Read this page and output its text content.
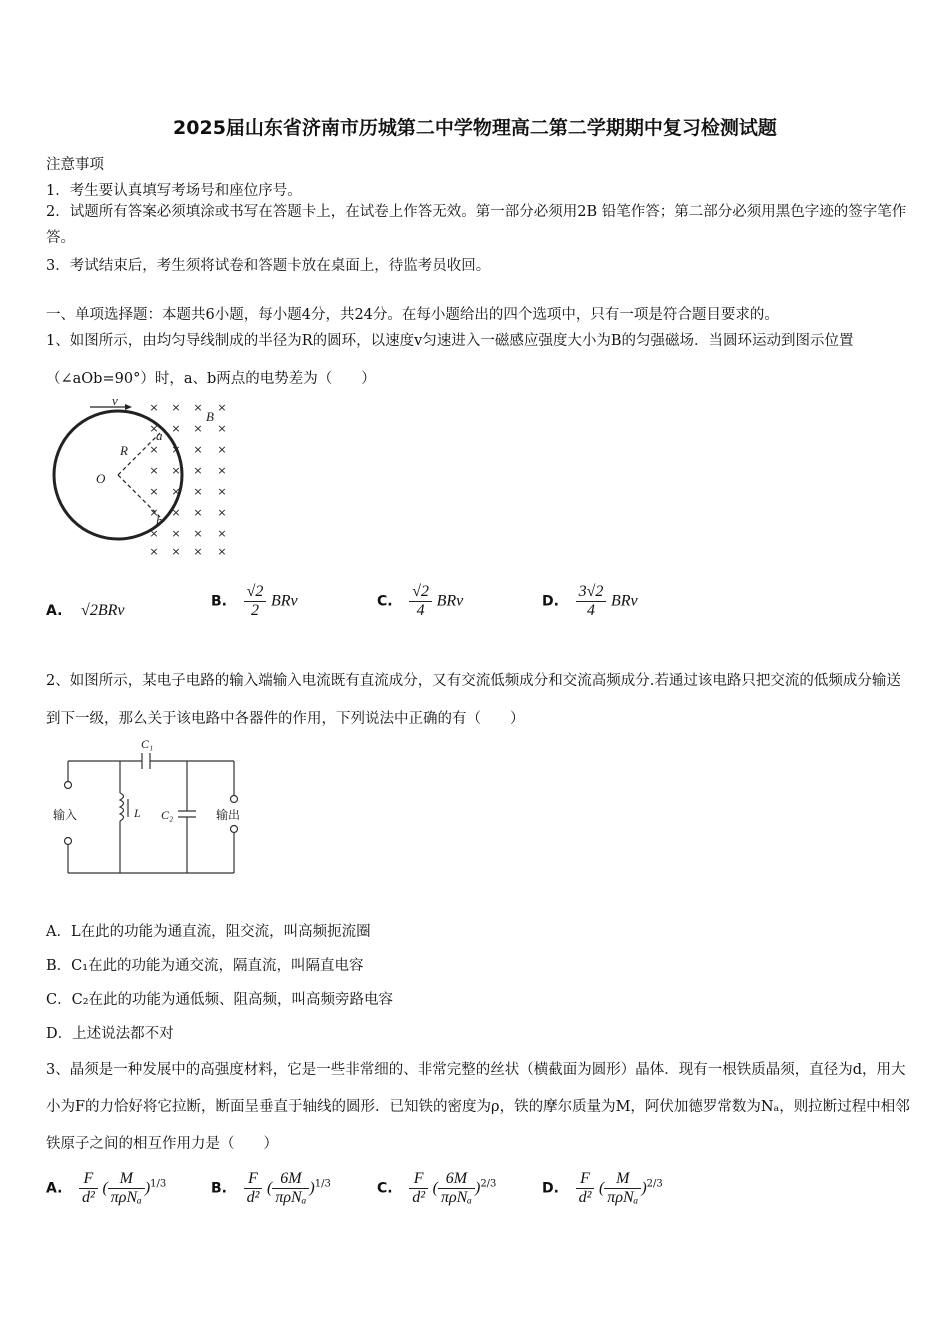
2025届山东省济南市历城第二中学物理高二第二学期期中复习检测试题
注意事项
1．考生要认真填写考场号和座位序号。
2．试题所有答案必须填涂或书写在答题卡上，在试卷上作答无效。第一部分必须用2B 铅笔作答；第二部分必须用黑色字迹的签字笔作答。
3．考试结束后，考生须将试卷和答题卡放在桌面上，待监考员收回。
一、单项选择题：本题共6小题，每小题4分，共24分。在每小题给出的四个选项中，只有一项是符合题目要求的。
1、如图所示，由均匀导线制成的半径为R的圆环，以速度v匀速进入一磁感应强度大小为B的匀强磁场．当圆环运动到图示位置（∠aOb=90°）时，a、b两点的电势差为（　　）
× × × ×
× × × ×
× × ×
×
× × × ×
× × × ×
× × × ×
× × × ×
× × × ×
v
B
a
R
O
b
A. √2BRv
B. $\frac{√2}{2}$ BRv	C. $\frac{√2}{4}$ BRv	D. $\frac{3√2}{4}$ BRv
2、如图所示，某电子电路的输入端输入电流既有直流成分，又有交流低频成分和交流高频成分.若通过该电路只把交流的低频成分输送到下一级，那么关于该电路中各器件的作用，下列说法中正确的有（　　）
C₁
L C₂
输入	输出
A．L在此的功能为通直流，阻交流，叫高频扼流圈
B．C₁在此的功能为通交流，隔直流，叫隔直电容
C．C₂在此的功能为通低频、阻高频，叫高频旁路电容
D．上述说法都不对
3、晶须是一种发展中的高强度材料，它是一些非常细的、非常完整的丝状（横截面为圆形）晶体．现有一根铁质晶须，直径为d，用大小为F的力恰好将它拉断，断面呈垂直于轴线的圆形．已知铁的密度为ρ，铁的摩尔质量为M，阿伏加德罗常数为Nₐ，则拉断过程中相邻铁原子之间的相互作用力是（　　）
A. $\frac{F}{\text{d²}}$ ( $\frac{M}{\text{πρNₐ}} )^{1/3}$	B. $\frac{F}{\text{d²}}$ ( $\frac{6M}{\text{πρNₐ}} )^{1/3}$	C. $\frac{F}{\text{d²}}$ ( $\frac{6M}{\text{πρNₐ}} )^{2/3}$	D. $\frac{F}{\text{d²}}$ ( $\frac{M}{\text{πρNₐ}} )^{2/3}$
